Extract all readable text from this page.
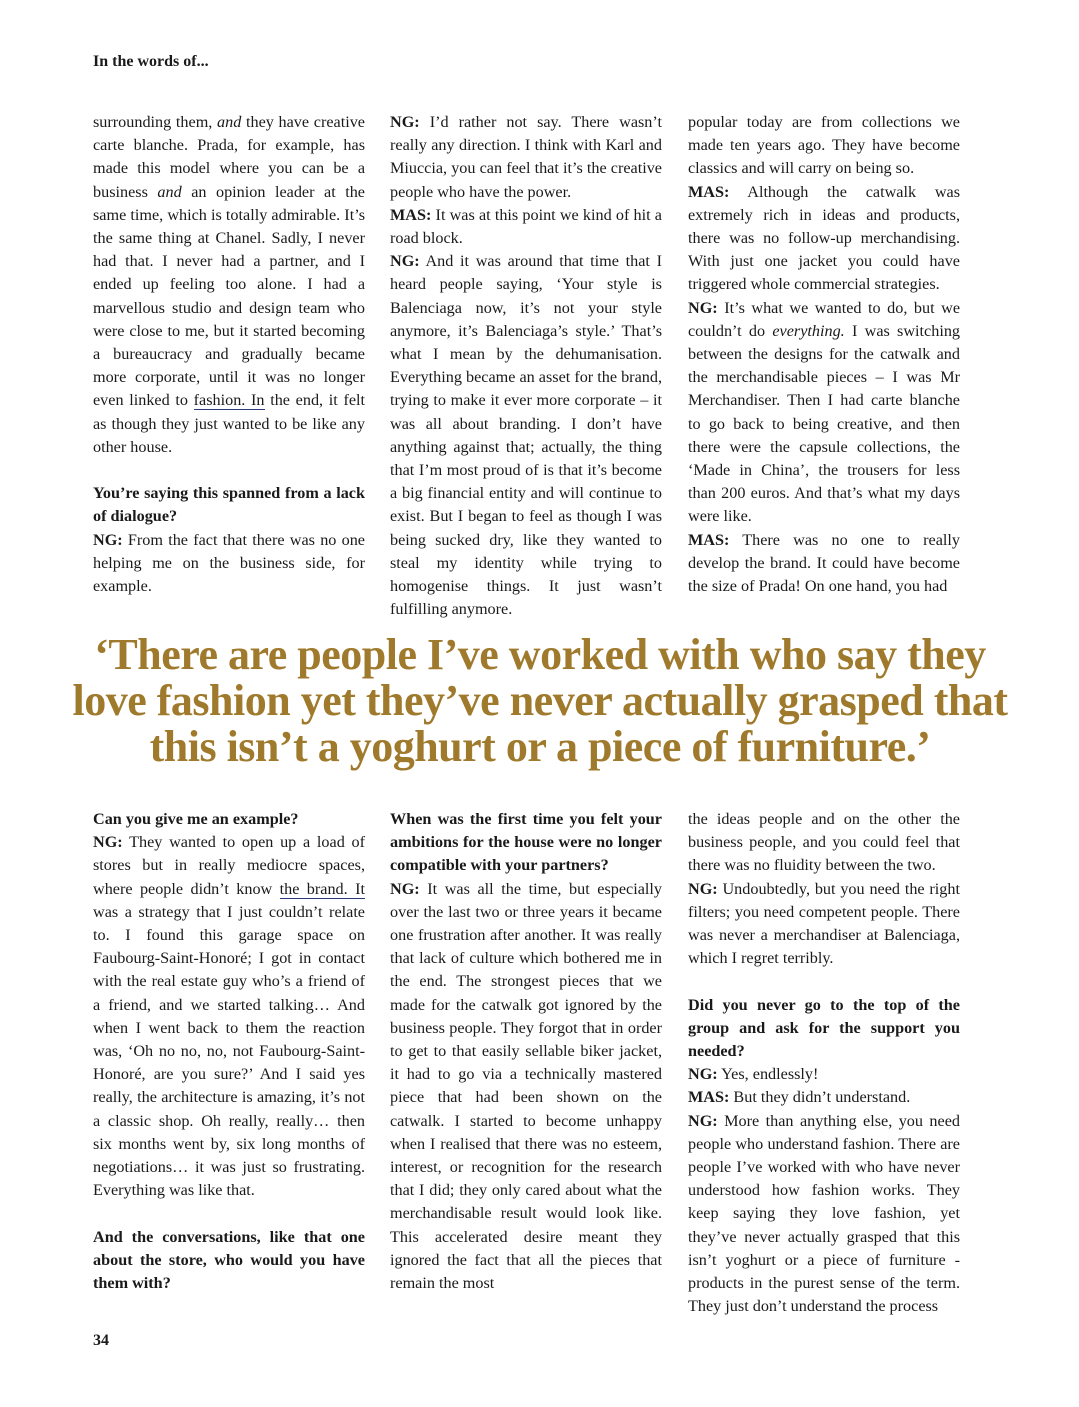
In the words of...

surrounding them, and they have creative carte blanche. Prada, for example, has made this model where you can be a business and an opinion leader at the same time, which is totally admirable. It’s the same thing at Chanel. Sadly, I never had that. I never had a partner, and I ended up feeling too alone. I had a marvellous studio and design team who were close to me, but it started becoming a bureaucracy and gradually became more corporate, until it was no longer even linked to fashion. In the end, it felt as though they just wanted to be like any other house.

You’re saying this spanned from a lack of dialogue?

NG: From the fact that there was no one helping me on the business side, for example.

NG: I’d rather not say. There wasn’t really any direction. I think with Karl and Miuccia, you can feel that it’s the creative people who have the power.

MAS: It was at this point we kind of hit a road block.

NG: And it was around that time that I heard people saying, ‘Your style is Balenciaga now, it’s not your style anymore, it’s Balenciaga’s style.’ That’s what I mean by the dehumanisation. Everything became an asset for the brand, trying to make it ever more corporate – it was all about branding. I don’t have anything against that; actually, the thing that I’m most proud of is that it’s become a big financial entity and will continue to exist. But I began to feel as though I was being sucked dry, like they wanted to steal my identity while trying to homogenise things. It just wasn’t fulfilling anymore.

popular today are from collections we made ten years ago. They have become classics and will carry on being so.

MAS: Although the catwalk was extremely rich in ideas and products, there was no follow-up merchandising. With just one jacket you could have triggered whole commercial strategies.

NG: It’s what we wanted to do, but we couldn’t do everything. I was switching between the designs for the catwalk and the merchandisable pieces – I was Mr Merchandiser. Then I had carte blanche to go back to being creative, and then there were the capsule collections, the ‘Made in China’, the trousers for less than 200 euros. And that’s what my days were like.

MAS: There was no one to really develop the brand. It could have become the size of Prada! On one hand, you had

‘There are people I’ve worked with who say they
love fashion yet they’ve never actually grasped that
this isn’t a yoghurt or a piece of furniture.’

Can you give me an example?

NG: They wanted to open up a load of stores but in really mediocre spaces, where people didn’t know the brand. It was a strategy that I just couldn’t relate to. I found this garage space on Faubourg-Saint-Honoré; I got in contact with the real estate guy who’s a friend of a friend, and we started talking… And when I went back to them the reaction was, ‘Oh no no, no, not Faubourg-Saint-Honoré, are you sure?’ And I said yes really, the architecture is amazing, it’s not a classic shop. Oh really, really… then six months went by, six long months of negotiations… it was just so frustrating. Everything was like that.

And the conversations, like that one about the store, who would you have them with?

When was the first time you felt your ambitions for the house were no longer compatible with your partners?

NG: It was all the time, but especially over the last two or three years it became one frustration after another. It was really that lack of culture which bothered me in the end. The strongest pieces that we made for the catwalk got ignored by the business people. They forgot that in order to get to that easily sellable biker jacket, it had to go via a technically mastered piece that had been shown on the catwalk. I started to become unhappy when I realised that there was no esteem, interest, or recognition for the research that I did; they only cared about what the merchandisable result would look like. This accelerated desire meant they ignored the fact that all the pieces that remain the most

the ideas people and on the other the business people, and you could feel that there was no fluidity between the two.

NG: Undoubtedly, but you need the right filters; you need competent people. There was never a merchandiser at Balenciaga, which I regret terribly.

Did you never go to the top of the group and ask for the support you needed?

NG: Yes, endlessly!

MAS: But they didn’t understand.

NG: More than anything else, you need people who understand fashion. There are people I’ve worked with who have never understood how fashion works. They keep saying they love fashion, yet they’ve never actually grasped that this isn’t yoghurt or a piece of furniture - products in the purest sense of the term. They just don’t understand the process

34
